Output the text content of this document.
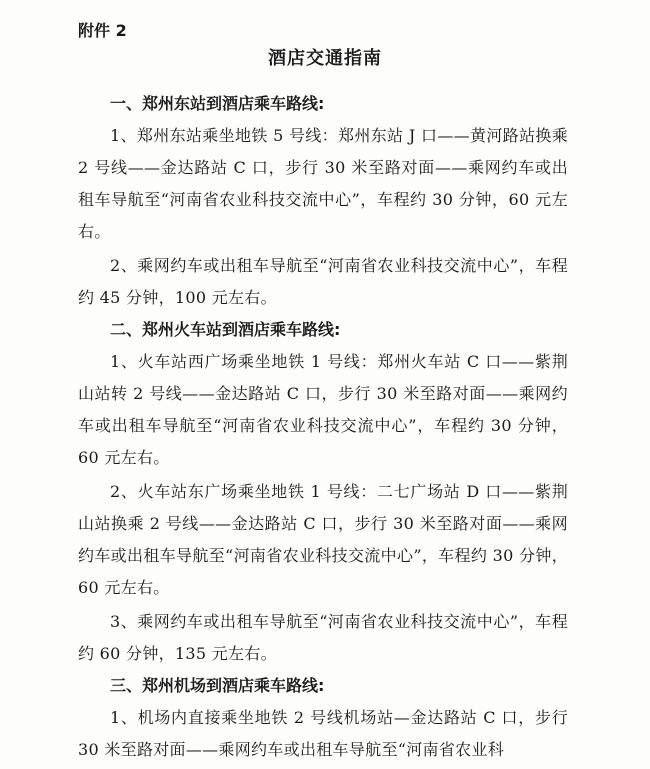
附件 2
酒店交通指南

一、郑州东站到酒店乘车路线:

1、郑州东站乘坐地铁 5 号线：郑州东站 J 口——黄河路站换乘 2 号线——金达路站 C 口，步行 30 米至路对面——乘网约车或出租车导航至“河南省农业科技交流中心”，车程约 30 分钟，60 元左右。

2、乘网约车或出租车导航至“河南省农业科技交流中心”，车程约 45 分钟，100 元左右。

二、郑州火车站到酒店乘车路线:

1、火车站西广场乘坐地铁 1 号线：郑州火车站 C 口——紫荆山站转 2 号线——金达路站 C 口，步行 30 米至路对面——乘网约车或出租车导航至“河南省农业科技交流中心”，车程约 30 分钟，60 元左右。

2、火车站东广场乘坐地铁 1 号线：二七广场站 D 口——紫荆山站换乘 2 号线——金达路站 C 口，步行 30 米至路对面——乘网约车或出租车导航至“河南省农业科技交流中心”，车程约 30 分钟，60 元左右。

3、乘网约车或出租车导航至“河南省农业科技交流中心”，车程约 60 分钟，135 元左右。

三、郑州机场到酒店乘车路线:

1、机场内直接乘坐地铁 2 号线机场站—金达路站 C 口，步行 30 米至路对面——乘网约车或出租车导航至“河南省农业科
